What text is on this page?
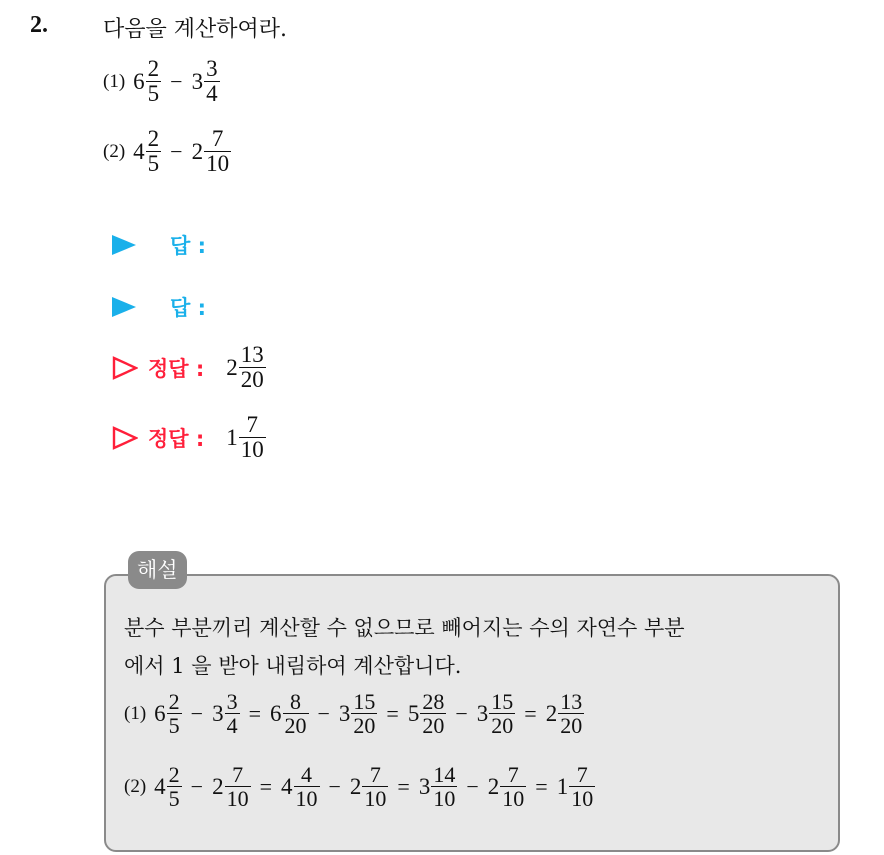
2.	다음을 계산하여라.
(1) $6 \frac{2}{5} - 3 \frac{3}{4}$
(2) $4 \frac{2}{5} - 2 \frac{7}{10}$
답 :
답 :
정답 : $2 \frac{13}{20}$
정답 : $1 \frac{7}{10}$
해설
분수 부분끼리 계산할 수 없으므로 빼어지는 수의 자연수 부분
에서 1 을 받아 내림하여 계산합니다.
(1) $6 \frac{2}{5} - 3 \frac{3}{4} = 6 \frac{8}{20} - 3 \frac{15}{20} = 5 \frac{28}{20} - 3 \frac{15}{20} = 2 \frac{13}{20}$
(2) $4 \frac{2}{5} - 2 \frac{7}{10} = 4 \frac{4}{10} - 2 \frac{7}{10} = 3 \frac{14}{10} - 2 \frac{7}{10} = 1 \frac{7}{10}$
